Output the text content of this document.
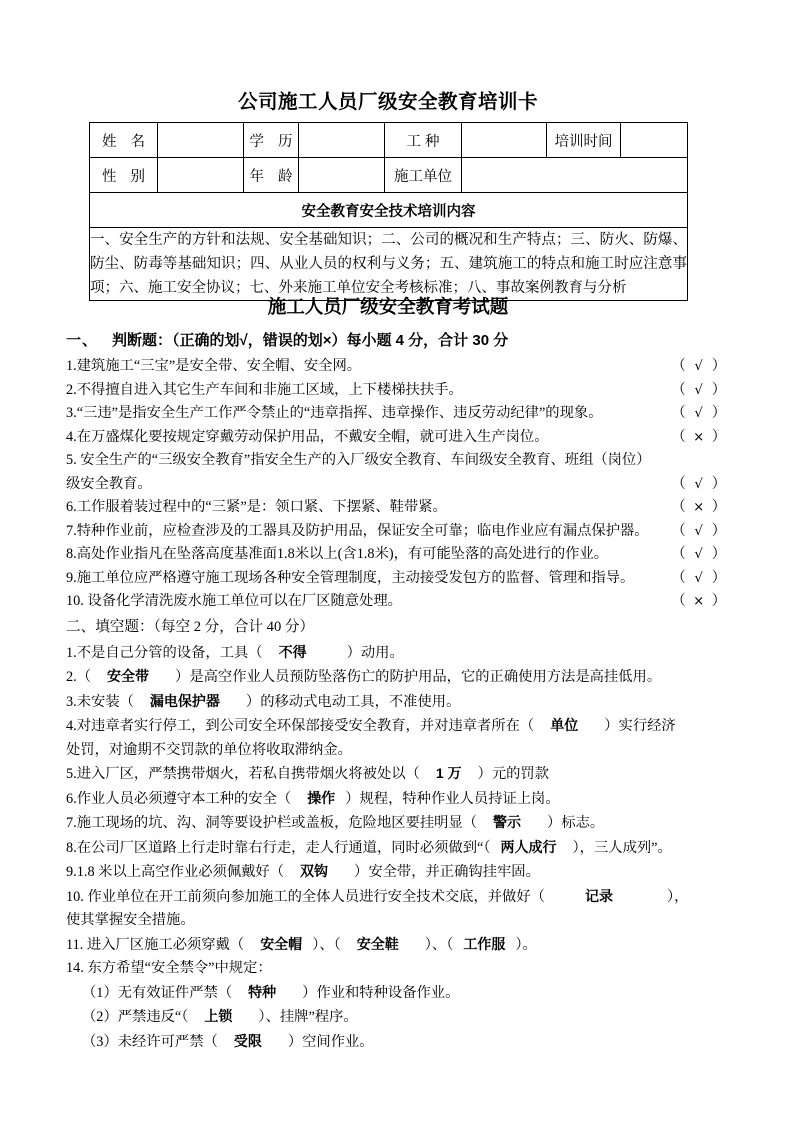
公司施工人员厂级安全教育培训卡
姓 名		学 历		工 种		培训时间	
性 别		年 龄		施工单位			
安全教育安全技术培训内容							
一、安全生产的方针和法规、安全基础知识；二、公司的概况和生产特点；三、防火、防爆、防尘、防毒等基础知识；四、从业人员的权利与义务；五、建筑施工的特点和施工时应注意事项；六、施工安全协议；七、外来施工单位安全考核标准；八、事故案例教育与分析							
施工人员厂级安全教育考试题
一、 判断题：（正确的划√，错误的划×）每小题 4 分，合计 30 分
1.建筑施工“三宝”是安全带、安全帽、安全网。	（ √ ）
2.不得擅自进入其它生产车间和非施工区域，上下楼梯扶扶手。	（ √ ）
3.“三违”是指安全生产工作严令禁止的“违章指挥、违章操作、违反劳动纪律”的现象。	（ √ ）
4.在万盛煤化要按规定穿戴劳动保护用品，不戴安全帽，就可进入生产岗位。	（ × ）
5. 安全生产的“三级安全教育”指安全生产的入厂级安全教育、车间级安全教育、班组（岗位）
级安全教育。	（ √ ）
6.工作服着装过程中的“三紧”是：领口紧、下摆紧、鞋带紧。	（ × ）
7.特种作业前，应检查涉及的工器具及防护用品，保证安全可靠；临电作业应有漏点保护器。 （ √ ）
8.高处作业指凡在坠落高度基准面1.8米以上(含1.8米)，有可能坠落的高处进行的作业。	（ √ ）
9.施工单位应严格遵守施工现场各种安全管理制度，主动接受发包方的监督、管理和指导。	（ √ ）
10. 设备化学清洗废水施工单位可以在厂区随意处理。	（ × ）
二、填空题：（每空 2 分，合计 40 分）
1.不是自己分管的设备，工具（ 不得	）动用。
2.（ 安全带 ）是高空作业人员预防坠落伤亡的防护用品，它的正确使用方法是高挂低用。
3.未安装（ 漏电保护器 ）的移动式电动工具，不准使用。
4.对违章者实行停工，到公司安全环保部接受安全教育，并对违章者所在（ 单位 ）实行经济
处罚，对逾期不交罚款的单位将收取滞纳金。
5.进入厂区，严禁携带烟火，若私自携带烟火将被处以（ 1 万 ）元的罚款
6.作业人员必须遵守本工种的安全（ 操作 ）规程，特种作业人员持证上岗。
7.施工现场的坑、沟、洞等要设护栏或盖板，危险地区要挂明显（ 警示 ）标志。
8.在公司厂区道路上行走时靠右行走，走人行通道，同时必须做到“（ 两人成行 ），三人成列”。
9.1.8 米以上高空作业必须佩戴好（ 双钩 ）安全带，并正确钩挂牢固。
10. 作业单位在开工前须向参加施工的全体人员进行安全技术交底，并做好（	记录	），
使其掌握安全措施。
11. 进入厂区施工必须穿戴（ 安全帽 ）、（ 安全鞋 ）、（ 工作服 ）。
14. 东方希望“安全禁令”中规定：
（1）无有效证件严禁（ 特种 ）作业和特种设备作业。
（2）严禁违反“（ 上锁 ）、挂牌”程序。
（3）未经许可严禁（ 受限 ）空间作业。
